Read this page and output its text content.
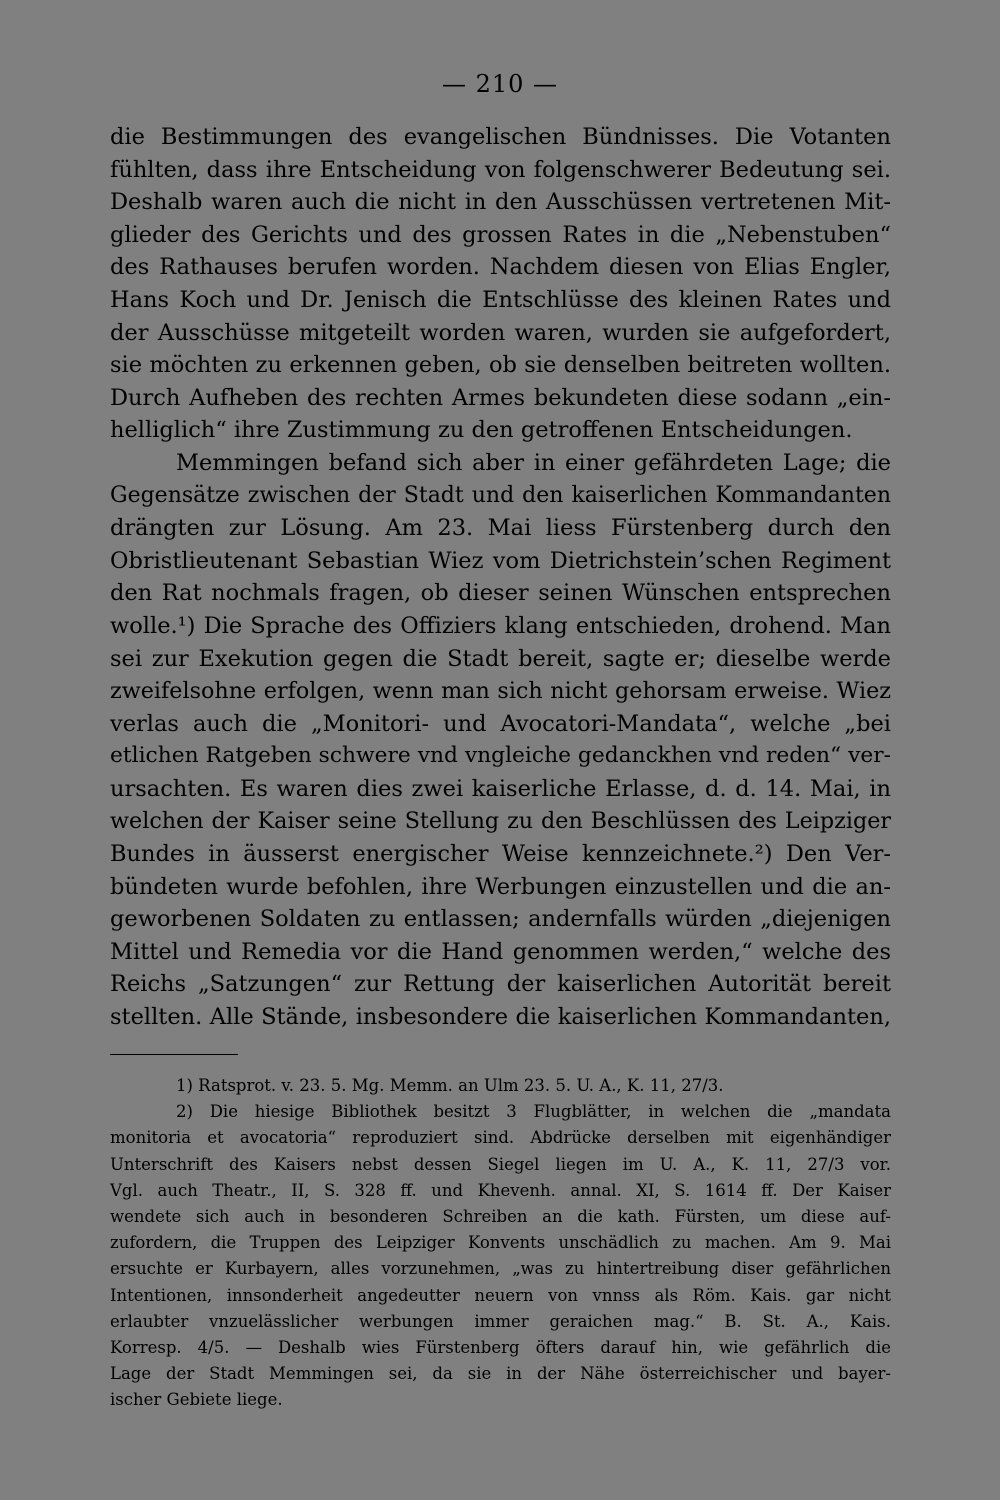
— 210 —
die Bestimmungen des evangelischen Bündnisses. Die Votanten
fühlten, dass ihre Entscheidung von folgenschwerer Bedeutung sei.
Deshalb waren auch die nicht in den Ausschüssen vertretenen Mit-
glieder des Gerichts und des grossen Rates in die „Nebenstuben“
des Rathauses berufen worden. Nachdem diesen von Elias Engler,
Hans Koch und Dr. Jenisch die Entschlüsse des kleinen Rates und
der Ausschüsse mitgeteilt worden waren, wurden sie aufgefordert,
sie möchten zu erkennen geben, ob sie denselben beitreten wollten.
Durch Aufheben des rechten Armes bekundeten diese sodann „ein-
helliglich“ ihre Zustimmung zu den getroffenen Entscheidungen.
Memmingen befand sich aber in einer gefährdeten Lage; die
Gegensätze zwischen der Stadt und den kaiserlichen Kommandanten
drängten zur Lösung. Am 23. Mai liess Fürstenberg durch den
Obristlieutenant Sebastian Wiez vom Dietrichstein’schen Regiment
den Rat nochmals fragen, ob dieser seinen Wünschen entsprechen
wolle.¹) Die Sprache des Offiziers klang entschieden, drohend. Man
sei zur Exekution gegen die Stadt bereit, sagte er; dieselbe werde
zweifelsohne erfolgen, wenn man sich nicht gehorsam erweise. Wiez
verlas auch die „Monitori- und Avocatori-Mandata“, welche „bei
etlichen Ratgeben schwere vnd vngleiche gedanckhen vnd reden“ ver-
ursachten. Es waren dies zwei kaiserliche Erlasse, d. d. 14. Mai, in
welchen der Kaiser seine Stellung zu den Beschlüssen des Leipziger
Bundes in äusserst energischer Weise kennzeichnete.²) Den Ver-
bündeten wurde befohlen, ihre Werbungen einzustellen und die an-
geworbenen Soldaten zu entlassen; andernfalls würden „diejenigen
Mittel und Remedia vor die Hand genommen werden,“ welche des
Reichs „Satzungen“ zur Rettung der kaiserlichen Autorität bereit
stellten. Alle Stände, insbesondere die kaiserlichen Kommandanten,
1) Ratsprot. v. 23. 5. Mg. Memm. an Ulm 23. 5. U. A., K. 11, 27/3.
2) Die hiesige Bibliothek besitzt 3 Flugblätter, in welchen die „mandata
monitoria et avocatoria“ reproduziert sind. Abdrücke derselben mit eigenhändiger
Unterschrift des Kaisers nebst dessen Siegel liegen im U. A., K. 11, 27/3 vor.
Vgl. auch Theatr., II, S. 328 ff. und Khevenh. annal. XI, S. 1614 ff. Der Kaiser
wendete sich auch in besonderen Schreiben an die kath. Fürsten, um diese auf-
zufordern, die Truppen des Leipziger Konvents unschädlich zu machen. Am 9. Mai
ersuchte er Kurbayern, alles vorzunehmen, „was zu hintertreibung diser gefährlichen
Intentionen, innsonderheit angedeutter neuern von vnnss als Röm. Kais. gar nicht
erlaubter vnzuelässlicher werbungen immer geraichen mag.“ B. St. A., Kais.
Korresp. 4/5. — Deshalb wies Fürstenberg öfters darauf hin, wie gefährlich die
Lage der Stadt Memmingen sei, da sie in der Nähe österreichischer und bayer-
ischer Gebiete liege.
